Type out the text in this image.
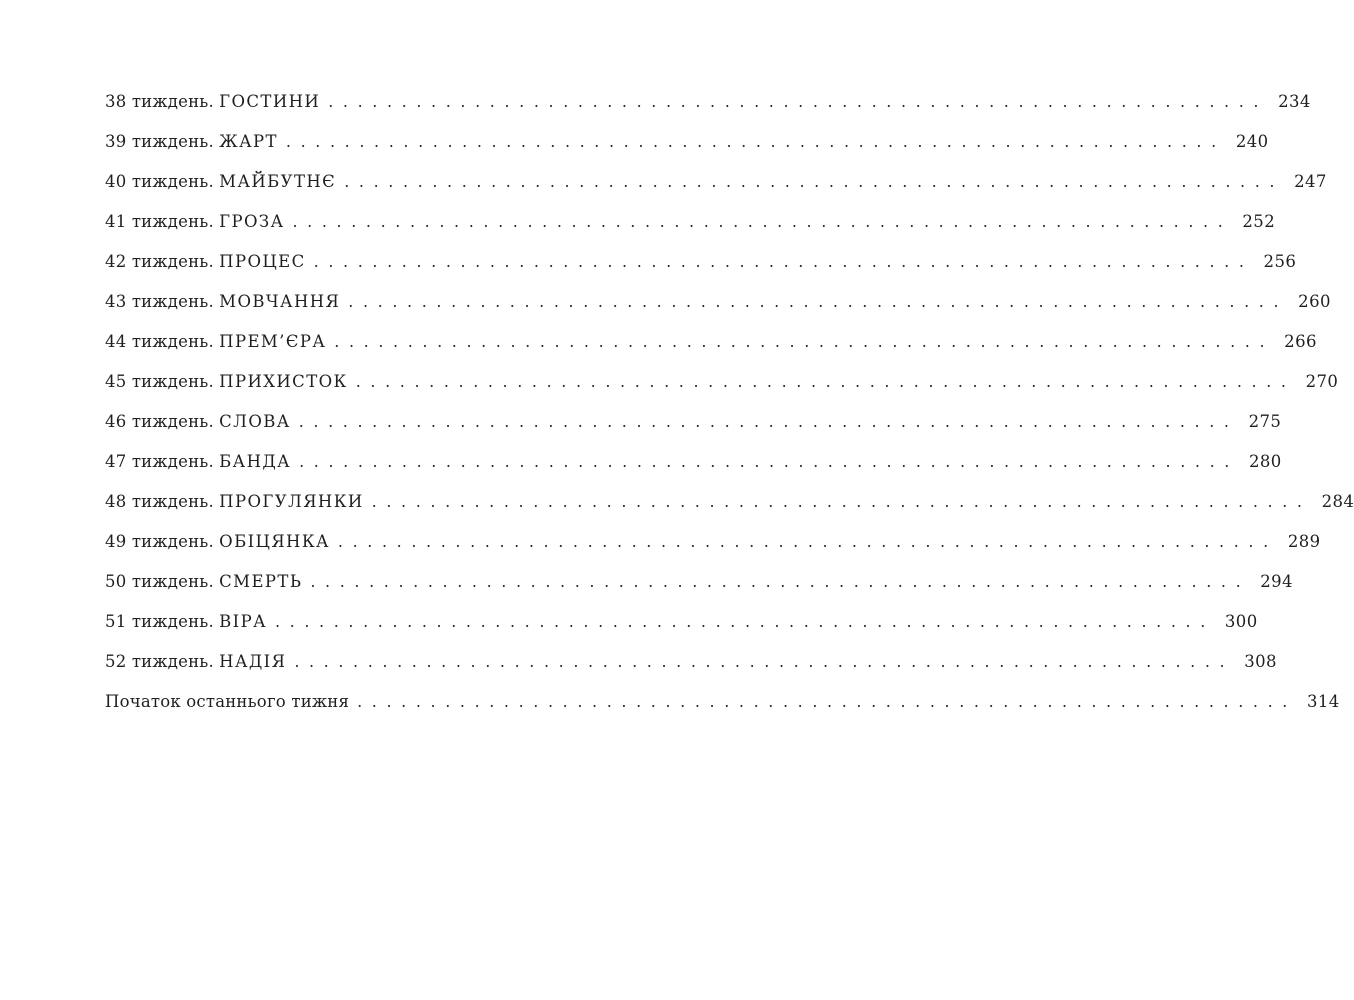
38 тиждень. ГОСТИНИ ................................................................ 234
39 тиждень. ЖАРТ ................................................................ 240
40 тиждень. МАЙБУТНЄ ................................................................ 247
41 тиждень. ГРОЗА ................................................................ 252
42 тиждень. ПРОЦЕС ................................................................ 256
43 тиждень. МОВЧАННЯ ................................................................ 260
44 тиждень. ПРЕМ’ЄРА ................................................................ 266
45 тиждень. ПРИХИСТОК ................................................................ 270
46 тиждень. СЛОВА ................................................................ 275
47 тиждень. БАНДА ................................................................ 280
48 тиждень. ПРОГУЛЯНКИ ................................................................ 284
49 тиждень. ОБІЦЯНКА ................................................................ 289
50 тиждень. СМЕРТЬ ................................................................ 294
51 тиждень. ВІРА ................................................................ 300
52 тиждень. НАДІЯ ................................................................ 308
Початок останнього тижня ................................................................ 314
